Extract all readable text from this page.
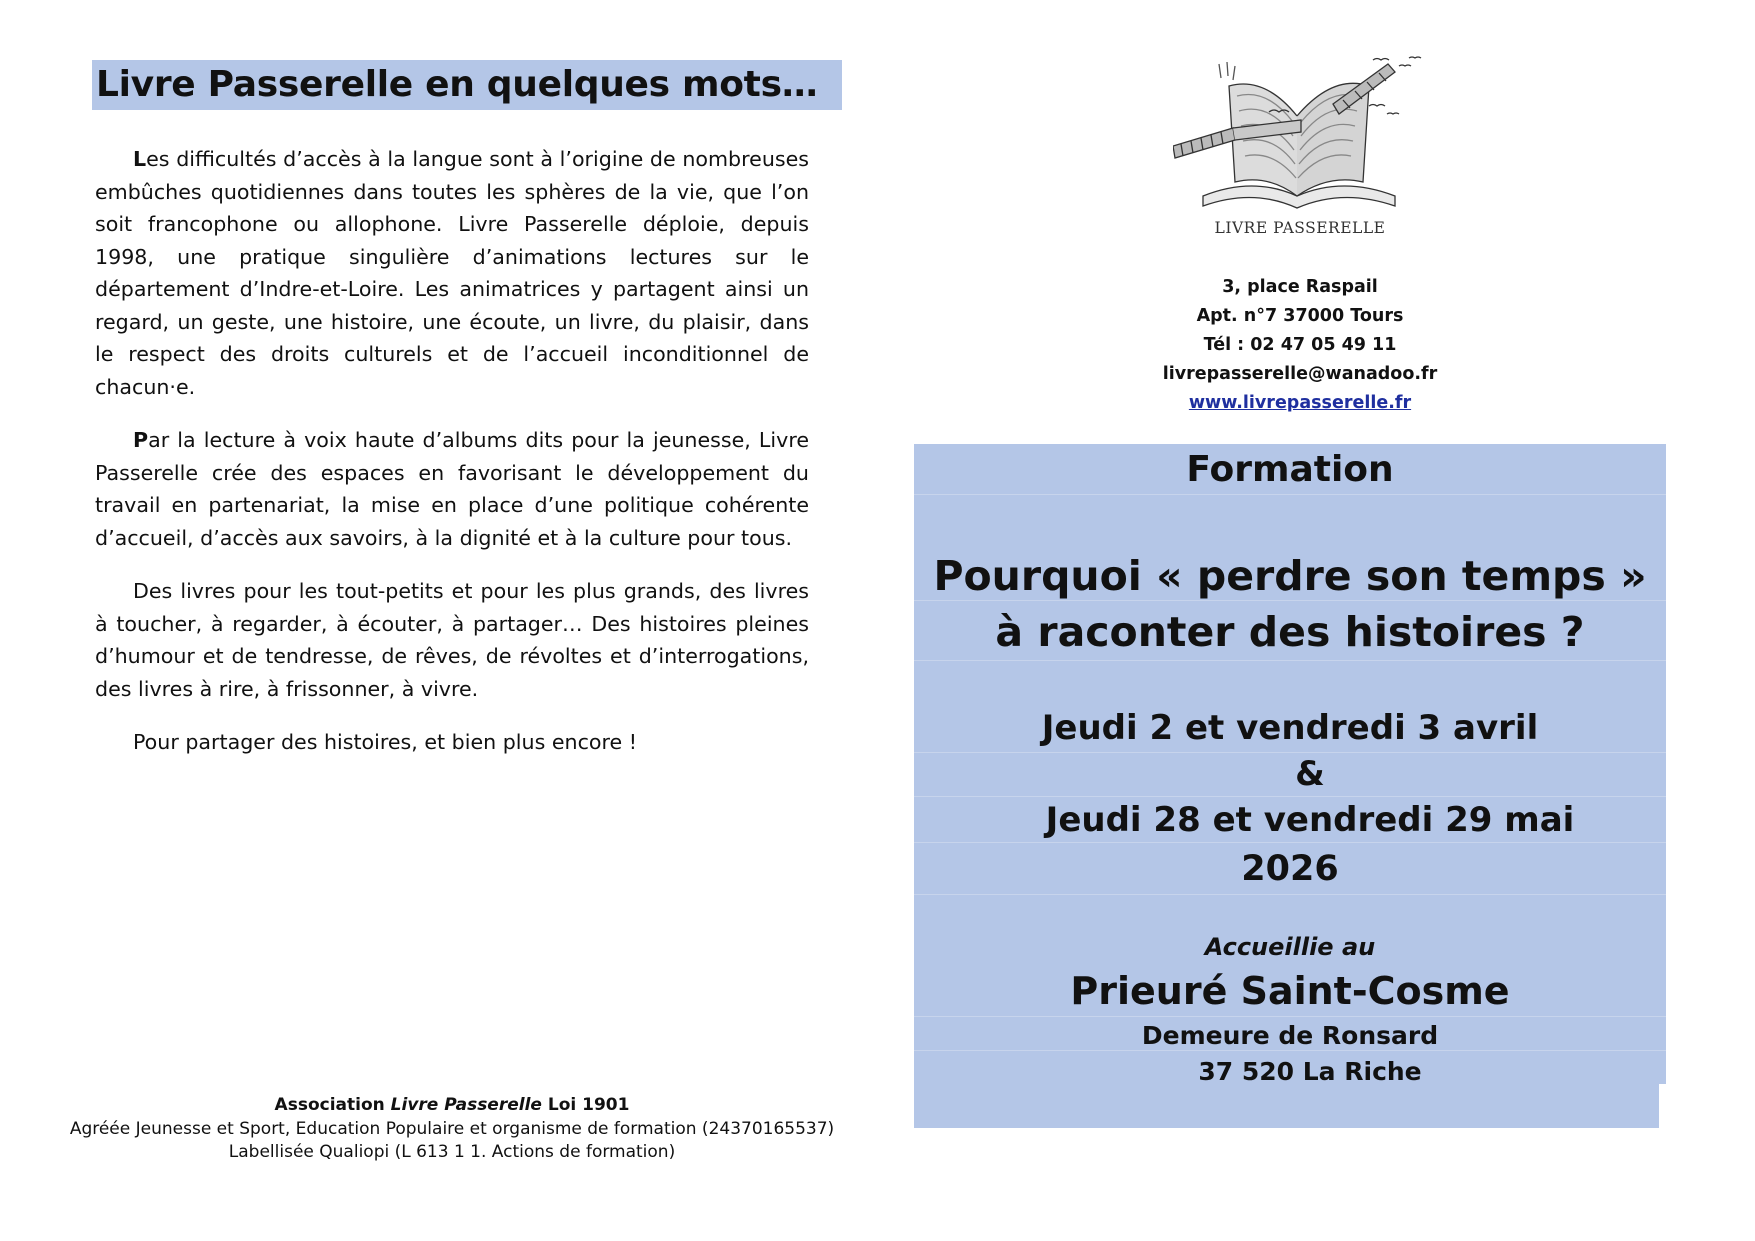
Livre Passerelle en quelques mots…

Les difficultés d’accès à la langue sont à l’origine de nombreuses embûches quotidiennes dans toutes les sphères de la vie, que l’on soit francophone ou allophone. Livre Passerelle déploie, depuis 1998, une pratique singulière d’animations lectures sur le département d’Indre-et-Loire. Les animatrices y partagent ainsi un regard, un geste, une histoire, une écoute, un livre, du plaisir, dans le respect des droits culturels et de l’accueil inconditionnel de chacun·e.

Par la lecture à voix haute d’albums dits pour la jeunesse, Livre Passerelle crée des espaces en favorisant le développement du travail en partenariat, la mise en place d’une politique cohérente d’accueil, d’accès aux savoirs, à la dignité et à la culture pour tous.

Des livres pour les tout-petits et pour les plus grands, des livres à toucher, à regarder, à écouter, à partager… Des histoires pleines d’humour et de tendresse, de rêves, de révoltes et d’interrogations, des livres à rire, à frissonner, à vivre.

Pour partager des histoires, et bien plus encore !

Association Livre Passerelle Loi 1901
Agréée Jeunesse et Sport, Education Populaire et organisme de formation (24370165537)
Labellisée Qualiopi (L 613 1 1. Actions de formation)
LIVRE PASSERELLE
3, place Raspail
Apt. n°7 37000 Tours
Tél : 02 47 05 49 11
livrepasserelle@wanadoo.fr
www.livrepasserelle.fr
Formation
Pourquoi « perdre son temps »
à raconter des histoires ?
Jeudi 2 et vendredi 3 avril
&
Jeudi 28 et vendredi 29 mai
2026
Accueillie au
Prieuré Saint-Cosme
Demeure de Ronsard
37 520 La Riche
